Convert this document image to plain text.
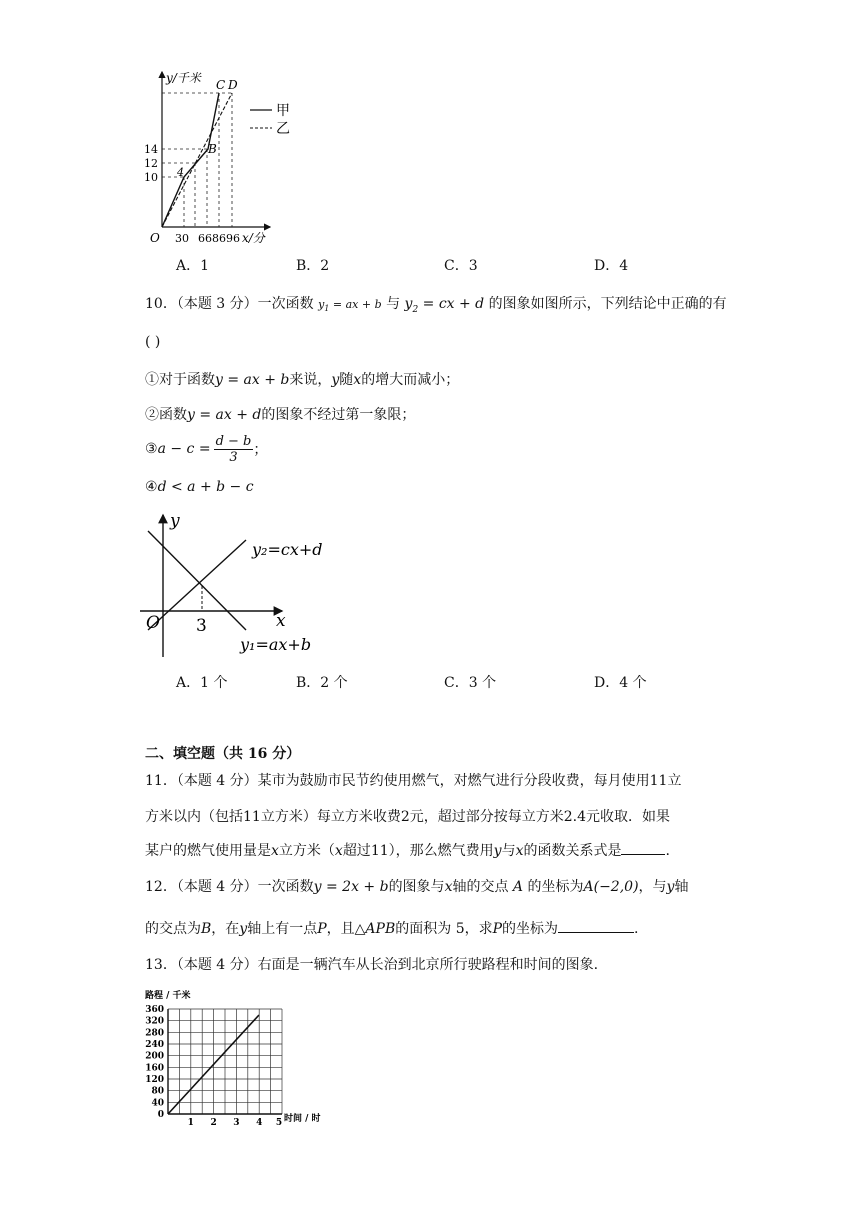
甲
乙
y/千米
x/分
O
C D
B
4
14
12
10
30 66 86 96
A．1	B．2	C．3	D．4
10．（本题 3 分）一次函数 $y_1$ = ax + b 与 $y_2$ = cx + d 的图象如图所示，下列结论中正确的有
( )
①对于函数y = ax + b来说，y随x的增大而减小；
②函数y = ax + d的图象不经过第一象限；
③ $a - c = \frac{d - b}{3}$ ；
④d < a + b − c
y
x
O 3
y₂=cx+d
y₁=ax+b
A．1 个	B．2 个	C．3 个	D．4 个
二、填空题（共 16 分）
11．（本题 4 分）某市为鼓励市民节约使用燃气，对燃气进行分段收费，每月使用11立
方米以内（包括11立方米）每立方米收费2元，超过部分按每立方米2.4元收取．如果
某户的燃气使用量是x立方米（x超过11），那么燃气费用y与x的函数关系式是	.
12．（本题 4 分）一次函数y = 2x + b的图象与x轴的交点 A 的坐标为A(−2,0)，与y轴
的交点为B，在y轴上有一点P，且△APB的面积为 5，求P的坐标为	.
13．（本题 4 分）右面是一辆汽车从长治到北京所行驶路程和时间的图象.
路程 / 千米
360
320
280
240
200
160
120
80
40
0
1 2 3 4 5 时间 / 时
